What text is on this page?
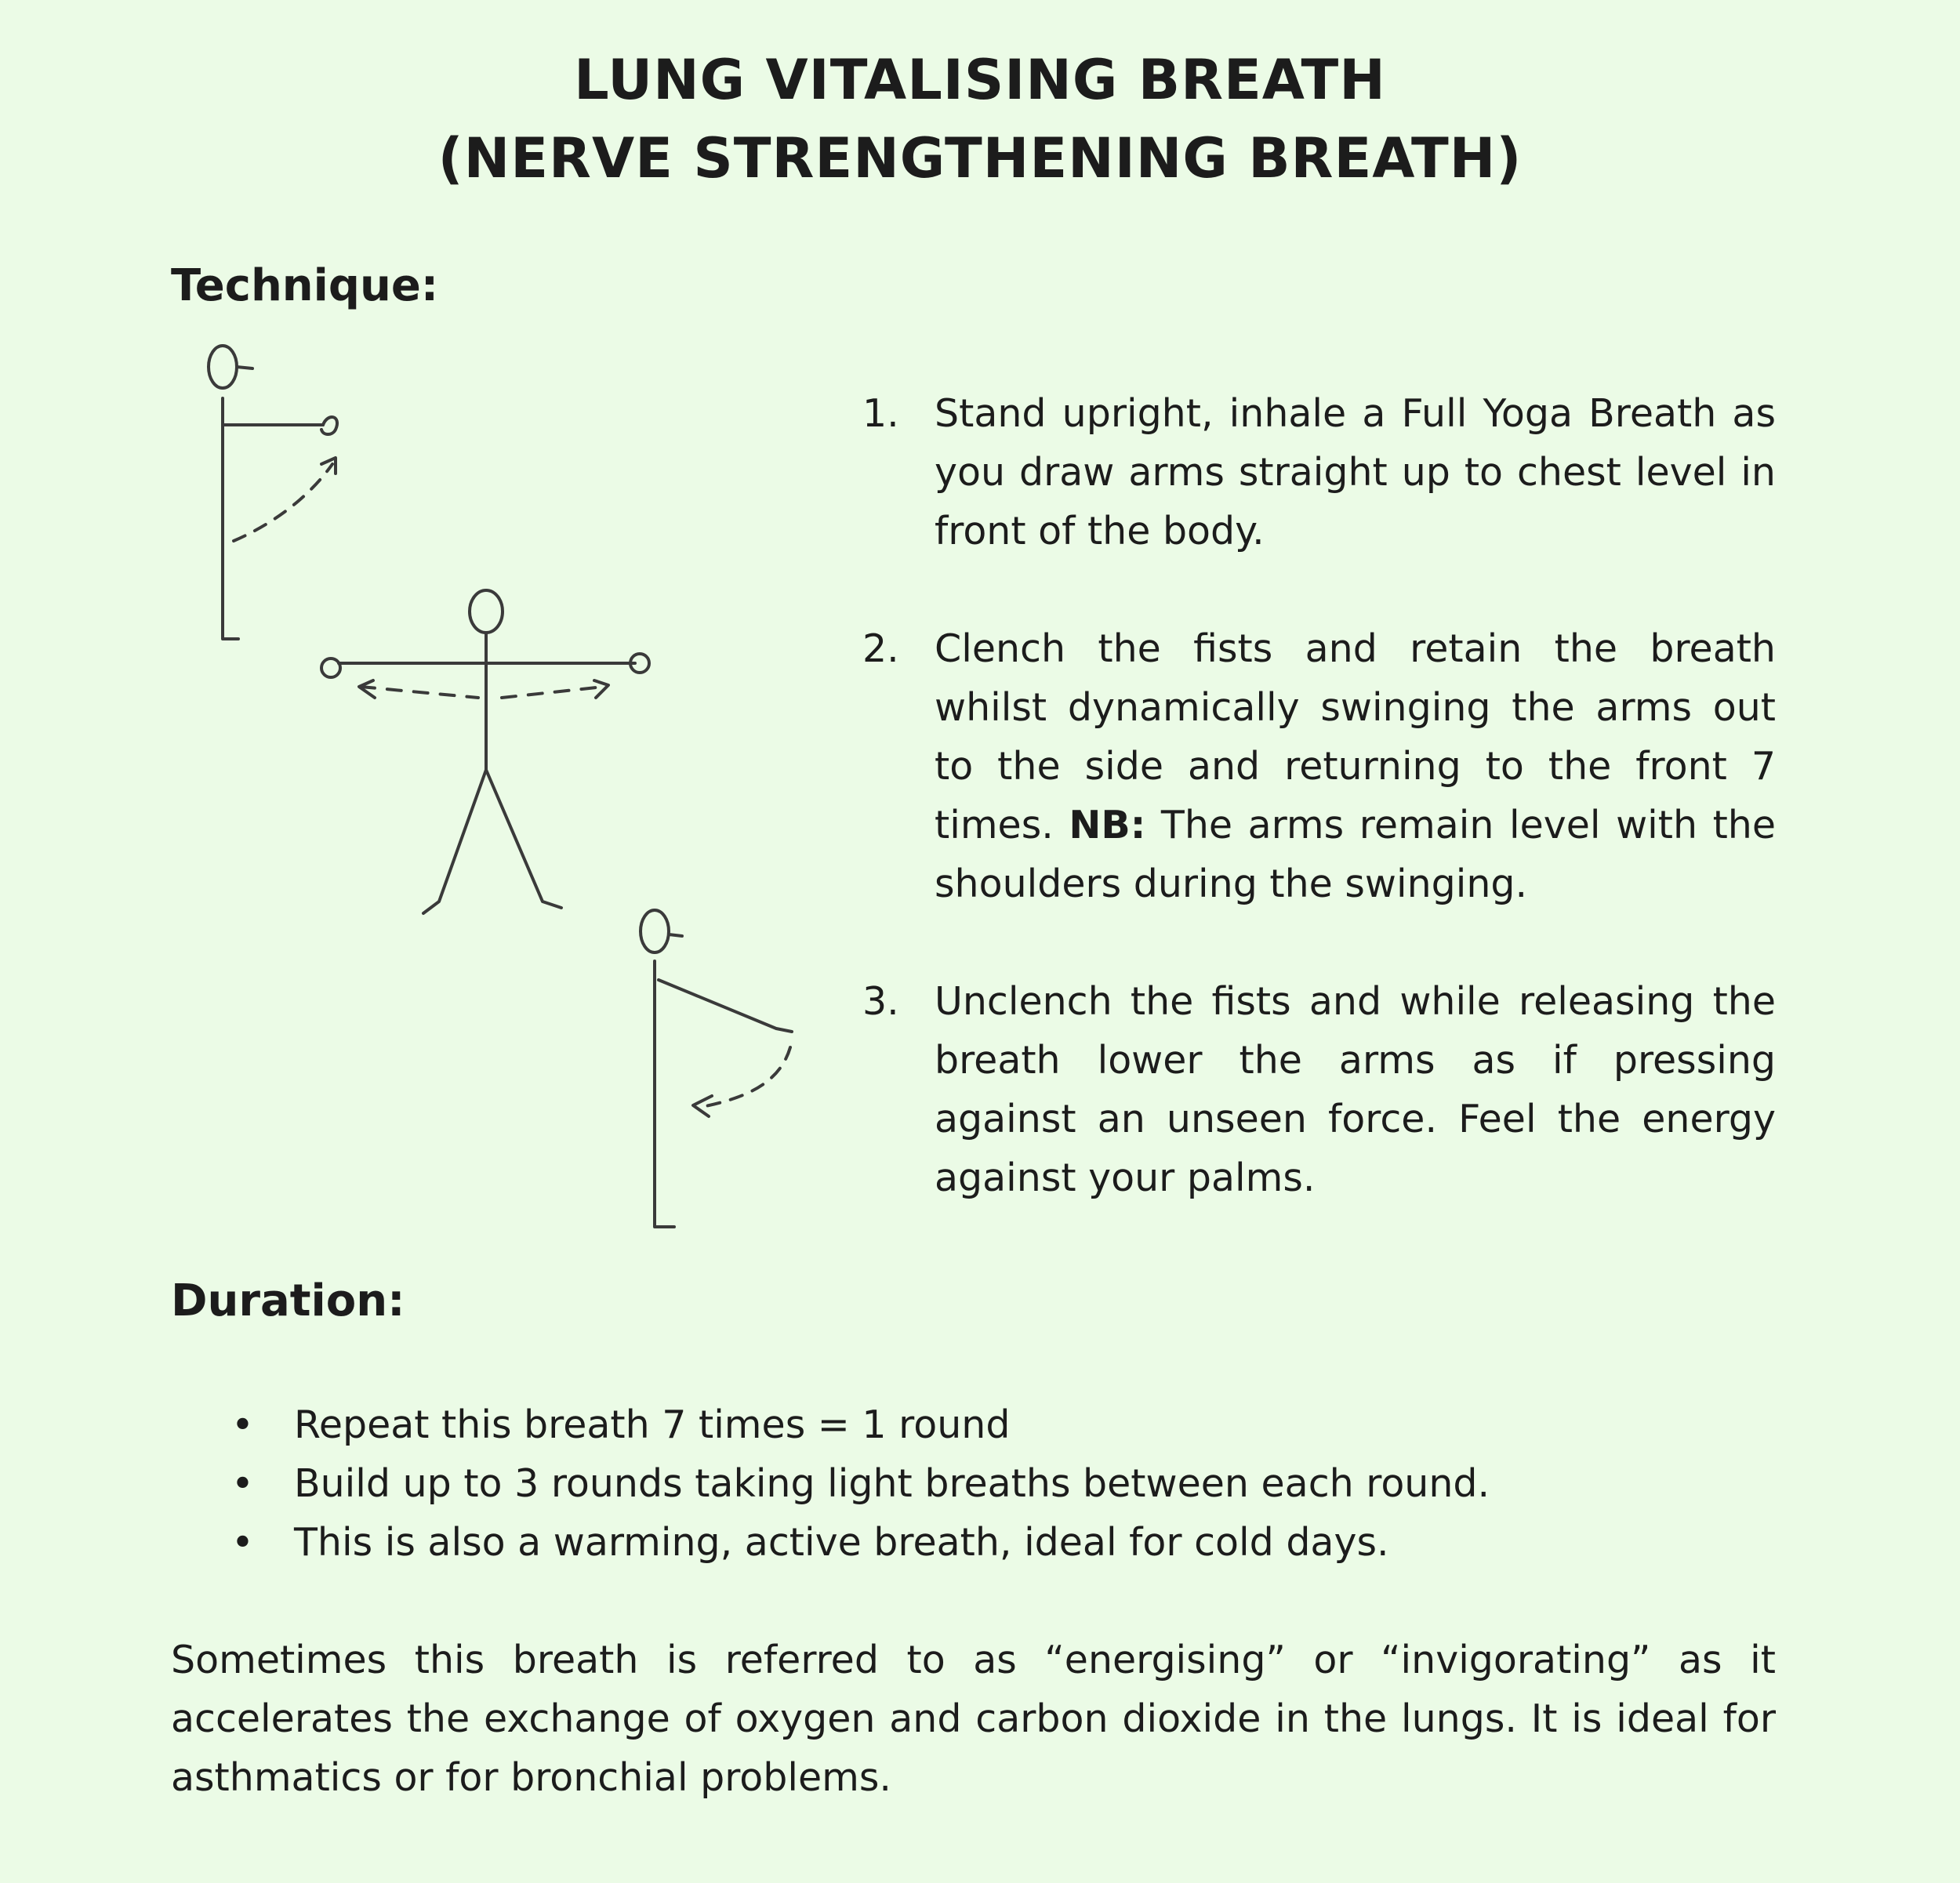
LUNG VITALISING BREATH
(NERVE STRENGTHENING BREATH)
Technique:
1. Stand upright, inhale a Full Yoga Breath as you draw arms straight up to chest level in front of the body.
2. Clench the fists and retain the breath whilst dynamically swinging the arms out to the side and returning to the front 7 times. NB: The arms remain level with the shoulders during the swinging.
3. Unclench the fists and while releasing the breath lower the arms as if pressing against an unseen force. Feel the energy against your palms.
Duration:
• Repeat this breath 7 times = 1 round
• Build up to 3 rounds taking light breaths between each round.
• This is also a warming, active breath, ideal for cold days.

Sometimes this breath is referred to as “energising” or “invigorating” as it accelerates the exchange of oxygen and carbon dioxide in the lungs. It is ideal for asthmatics or for bronchial problems.
